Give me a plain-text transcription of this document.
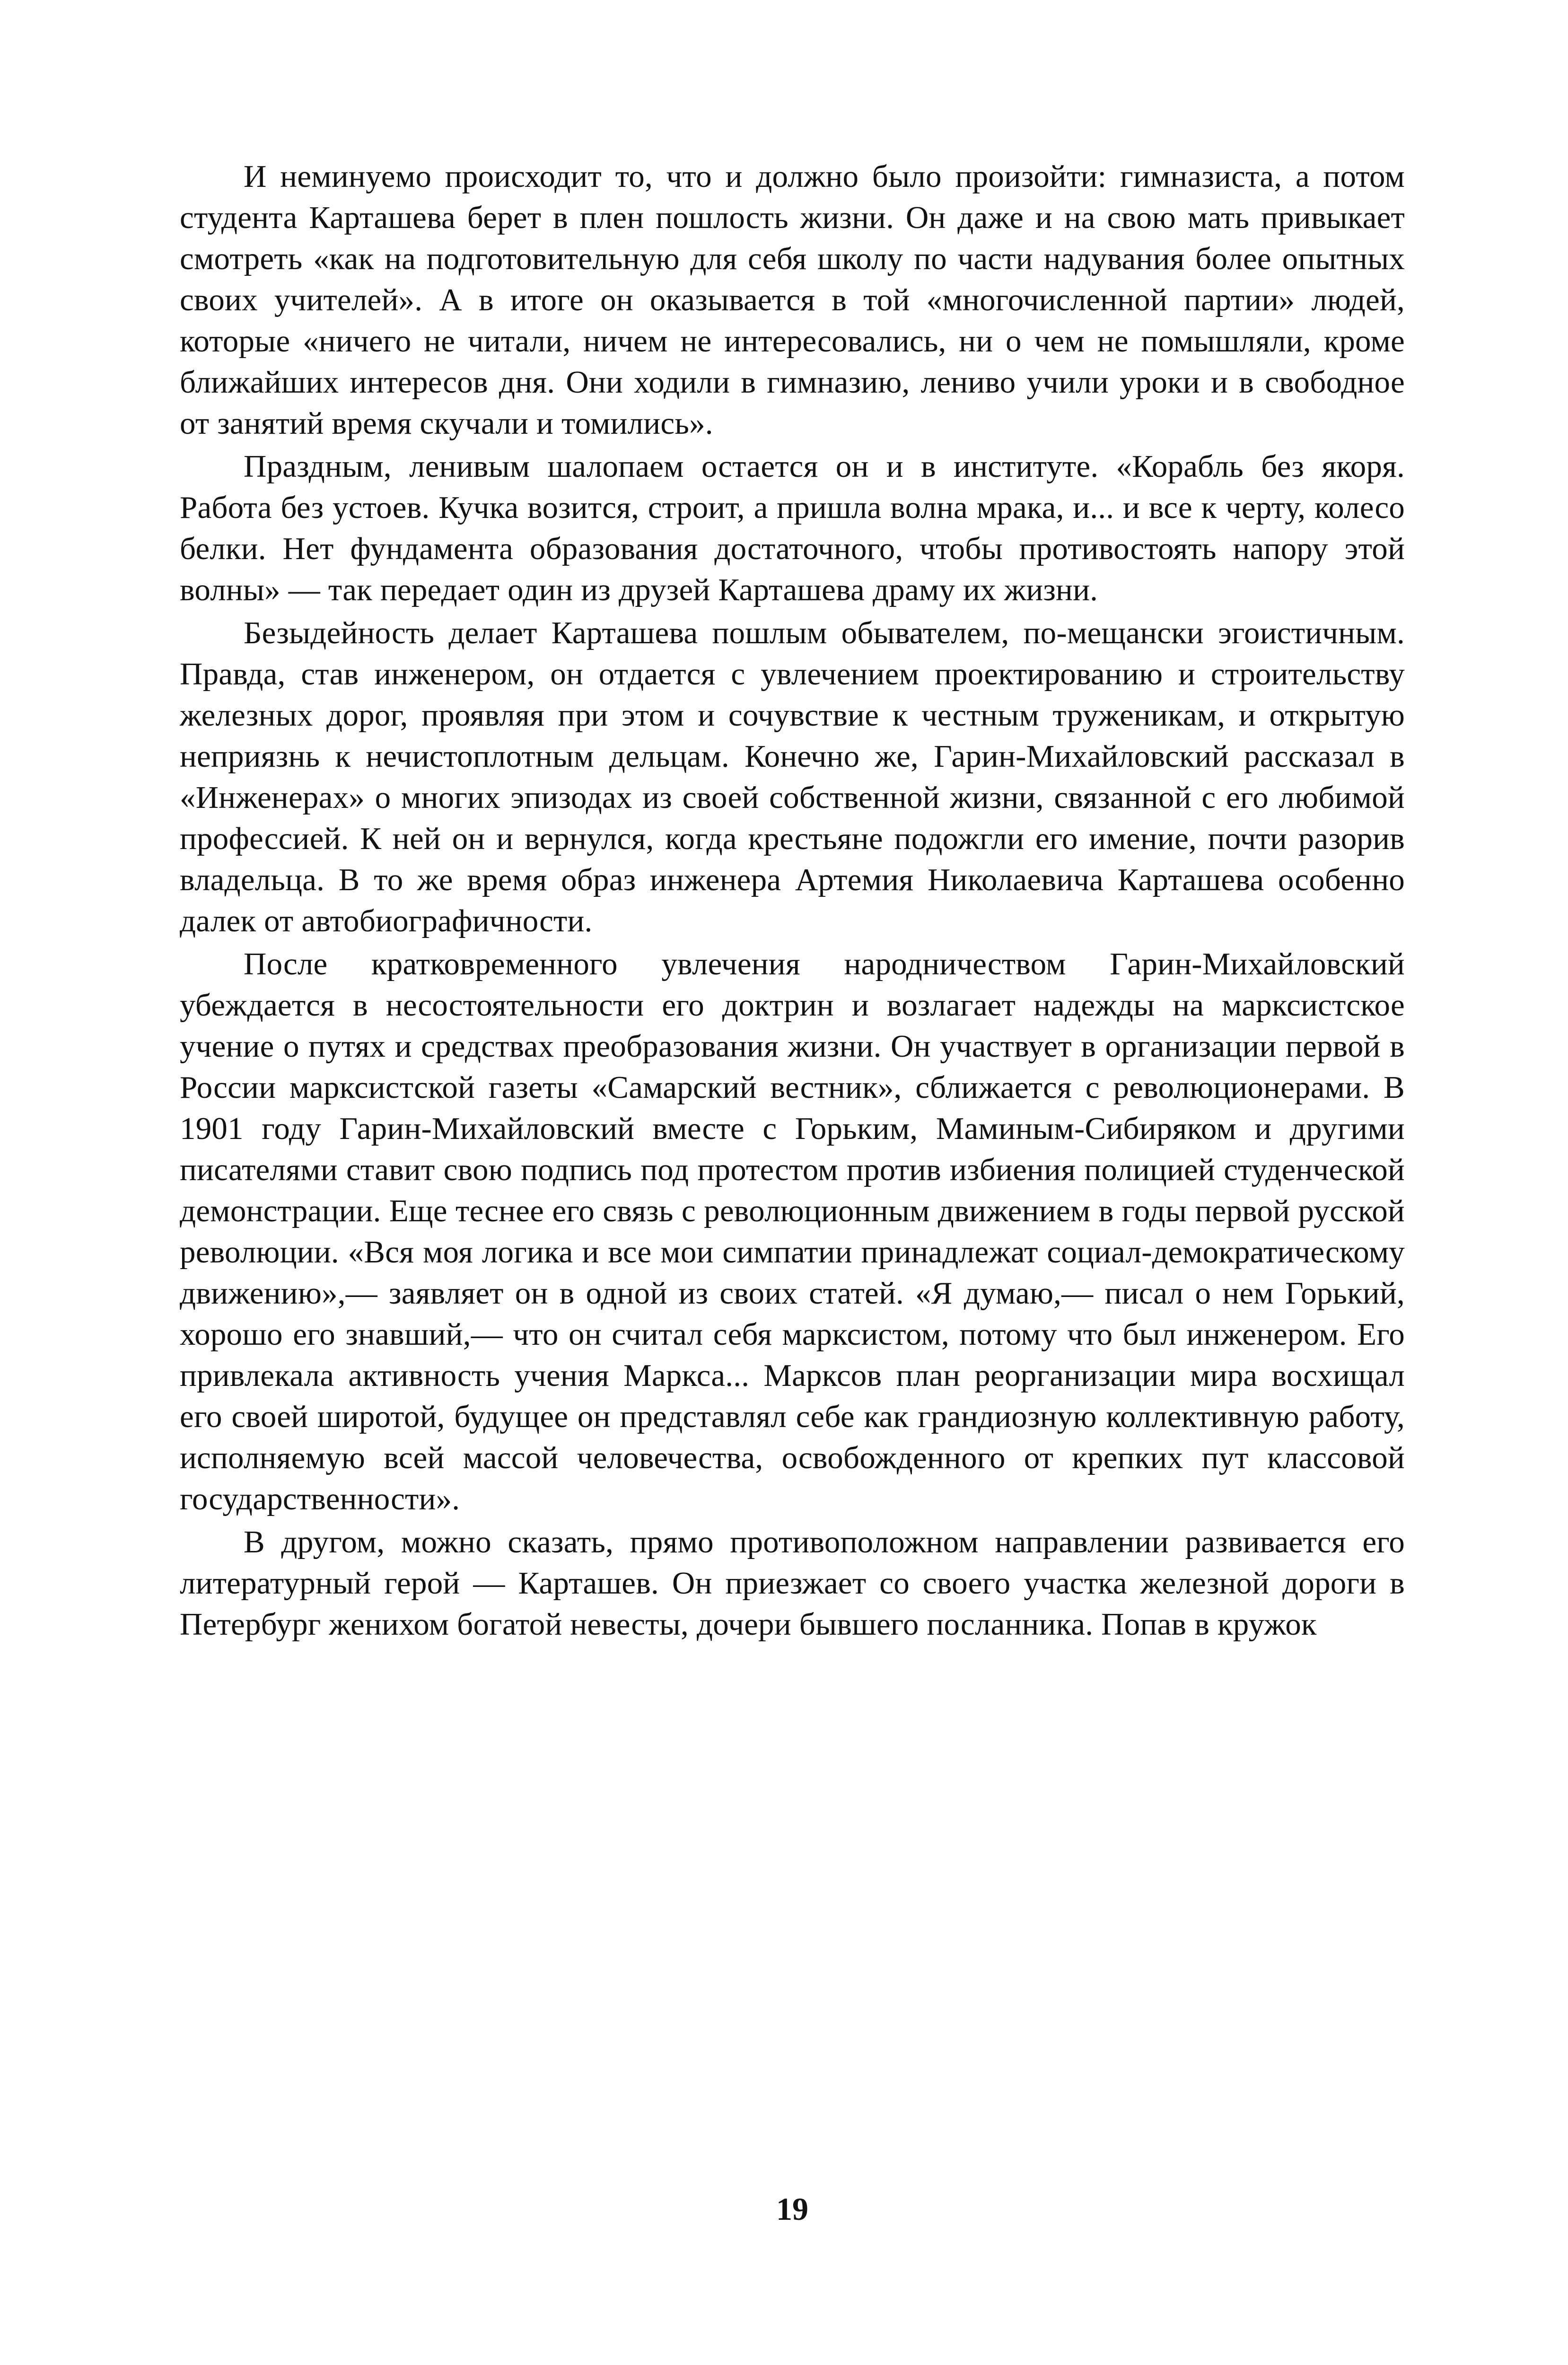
И неминуемо происходит то, что и должно было произойти: гимназиста, а потом студента Карташева берет в плен пошлость жизни. Он даже и на свою мать привыкает смотреть «как на подготовительную для себя школу по части надувания более опытных своих учителей». А в итоге он оказывается в той «многочисленной партии» людей, которые «ничего не читали, ничем не интересовались, ни о чем не помышляли, кроме ближайших интересов дня. Они ходили в гимназию, лениво учили уроки и в свободное от занятий время скучали и томились».

Праздным, ленивым шалопаем остается он и в институте. «Корабль без якоря. Работа без устоев. Кучка возится, строит, а пришла волна мрака, и... и все к черту, колесо белки. Нет фундамента образования достаточного, чтобы противостоять напору этой волны» — так передает один из друзей Карташева драму их жизни.

Безыдейность делает Карташева пошлым обывателем, по-мещански эгоистичным. Правда, став инженером, он отдается с увлечением проектированию и строительству железных дорог, проявляя при этом и сочувствие к честным труженикам, и открытую неприязнь к нечистоплотным дельцам. Конечно же, Гарин-Михайловский рассказал в «Инженерах» о многих эпизодах из своей собственной жизни, связанной с его любимой профессией. К ней он и вернулся, когда крестьяне подожгли его имение, почти разорив владельца. В то же время образ инженера Артемия Николаевича Карташева особенно далек от автобиографичности.

После кратковременного увлечения народничеством Гарин-Михайловский убеждается в несостоятельности его доктрин и возлагает надежды на марксистское учение о путях и средствах преобразования жизни. Он участвует в организации первой в России марксистской газеты «Самарский вестник», сближается с революционерами. В 1901 году Гарин-Михайловский вместе с Горьким, Маминым-Сибиряком и другими писателями ставит свою подпись под протестом против избиения полицией студенческой демонстрации. Еще теснее его связь с революционным движением в годы первой русской революции. «Вся моя логика и все мои симпатии принадлежат социал-демократическому движению»,— заявляет он в одной из своих статей. «Я думаю,— писал о нем Горький, хорошо его знавший,— что он считал себя марксистом, потому что был инженером. Его привлекала активность учения Маркса... Марксов план реорганизации мира восхищал его своей широтой, будущее он представлял себе как грандиозную коллективную работу, исполняемую всей массой человечества, освобожденного от крепких пут классовой государственности».

В другом, можно сказать, прямо противоположном направлении развивается его литературный герой — Карташев. Он приезжает со своего участка железной дороги в Петербург женихом богатой невесты, дочери бывшего посланника. Попав в кружок

19
